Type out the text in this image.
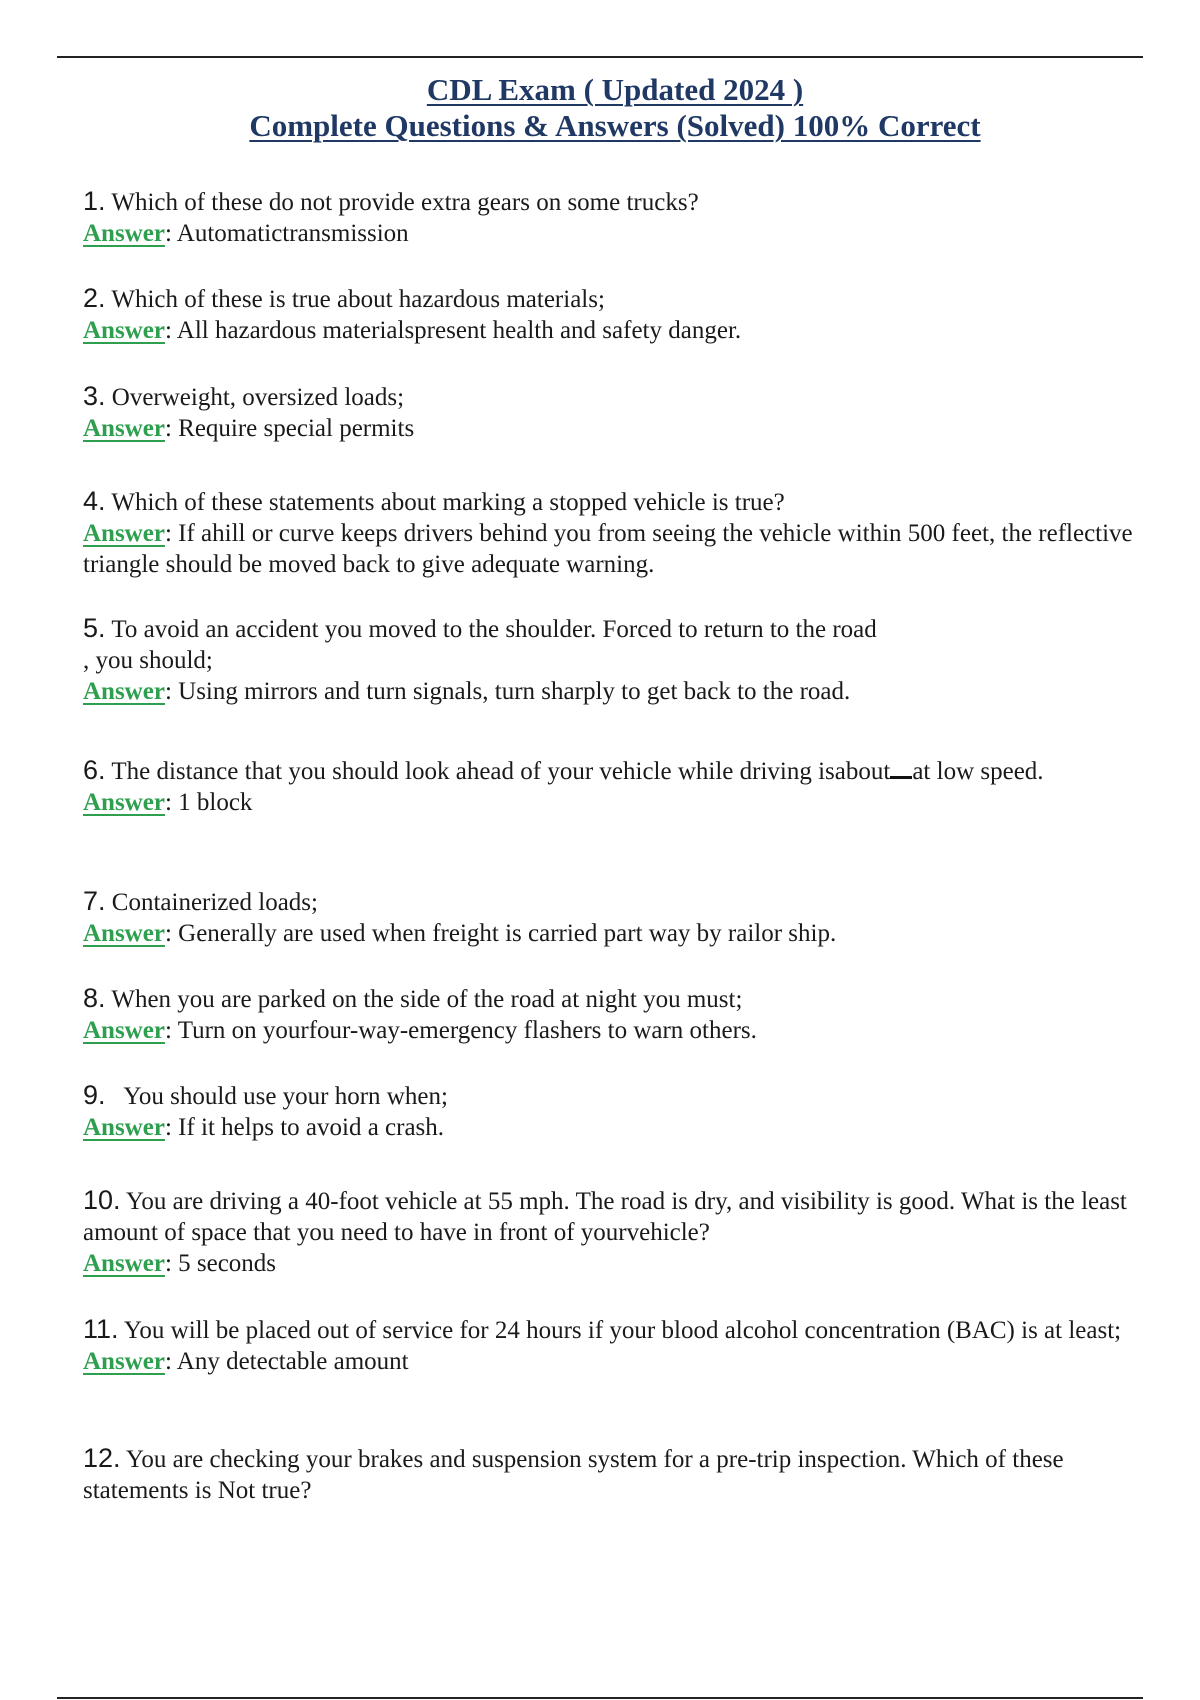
CDL Exam ( Updated 2024 )
Complete Questions & Answers (Solved) 100% Correct
1. Which of these do not provide extra gears on some trucks?
Answer: Automatictransmission
2. Which of these is true about hazardous materials;
Answer: All hazardous materialspresent health and safety danger.
3. Overweight, oversized loads;
Answer: Require special permits
4. Which of these statements about marking a stopped vehicle is true?
Answer: If ahill or curve keeps drivers behind you from seeing the vehicle within 500 feet, the reflective triangle should be moved back to give adequate warning.
5. To avoid an accident you moved to the shoulder. Forced to return to the road
, you should;
Answer: Using mirrors and turn signals, turn sharply to get back to the road.
6. The distance that you should look ahead of your vehicle while driving isabout at low speed.
Answer: 1 block
7. Containerized loads;
Answer: Generally are used when freight is carried part way by railor ship.
8. When you are parked on the side of the road at night you must;
Answer: Turn on yourfour-way-emergency flashers to warn others.
9. You should use your horn when;
Answer: If it helps to avoid a crash.
10. You are driving a 40-foot vehicle at 55 mph. The road is dry, and visibility is good. What is the least amount of space that you need to have in front of yourvehicle?
Answer: 5 seconds
11. You will be placed out of service for 24 hours if your blood alcohol concentration (BAC) is at least;
Answer: Any detectable amount
12. You are checking your brakes and suspension system for a pre-trip inspection. Which of these statements is Not true?
